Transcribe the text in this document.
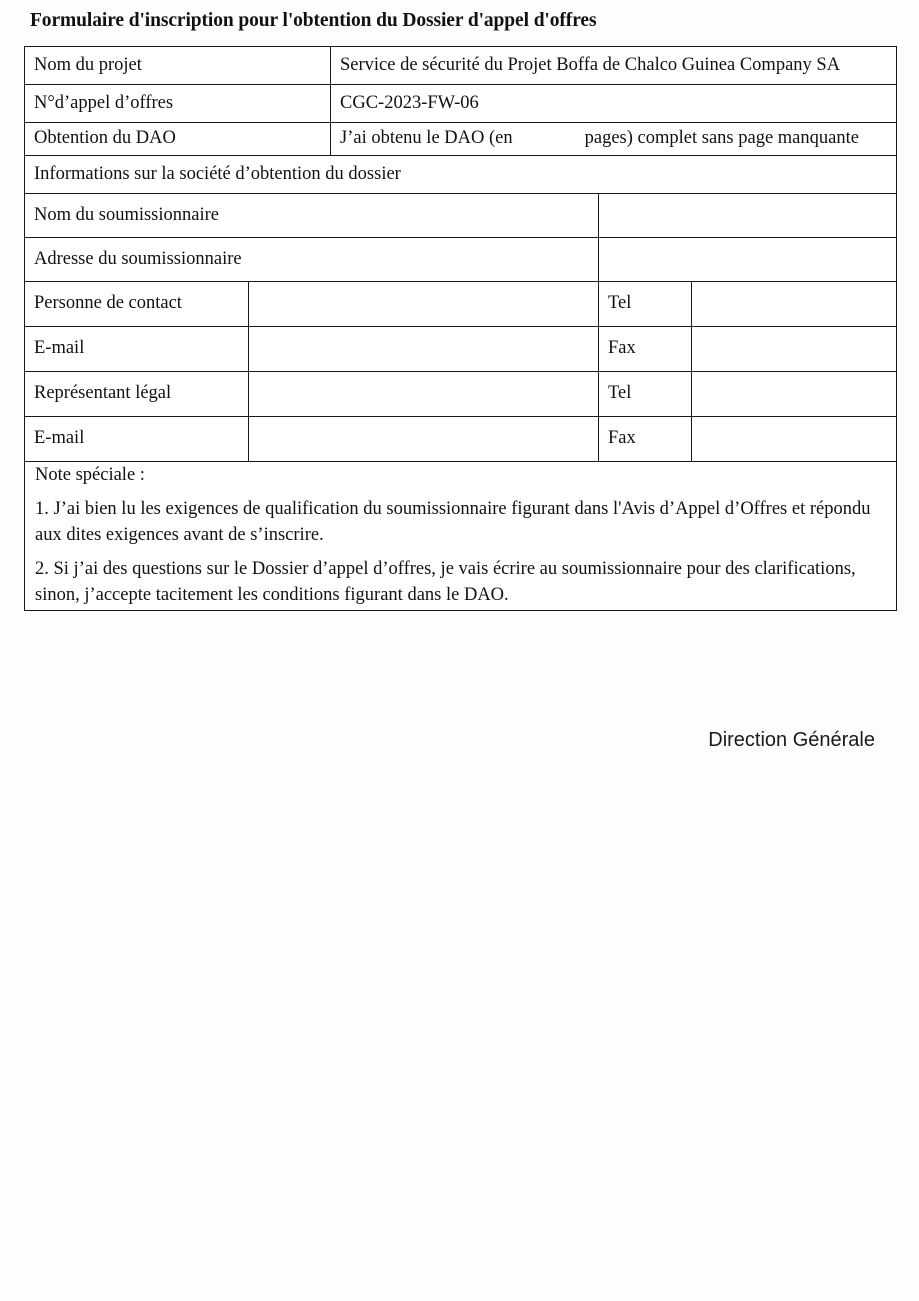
Formulaire d'inscription pour l'obtention du Dossier d'appel d'offres
Nom du projet		Service de sécurité du Projet Boffa de Chalco Guinea Company SA		
N°d’appel d’offres		CGC-2023-FW-06		
Obtention du DAO		J’ai obtenu le DAO (en pages) complet sans page manquante		

Informations sur la société d’obtention du dossier				
Nom du soumissionnaire				
Adresse du soumissionnaire				
Personne de contact			Tel	
E-mail			Fax	
Représentant légal			Tel	
E-mail			Fax	

Note spéciale :

1. J’ai bien lu les exigences de qualification du soumissionnaire figurant dans l'Avis d’Appel d’Offres et répondu aux dites exigences avant de s’inscrire.

2. Si j’ai des questions sur le Dossier d’appel d’offres, je vais écrire au soumissionnaire pour des clarifications, sinon, j’accepte tacitement les conditions figurant dans le DAO.				

Direction Générale
